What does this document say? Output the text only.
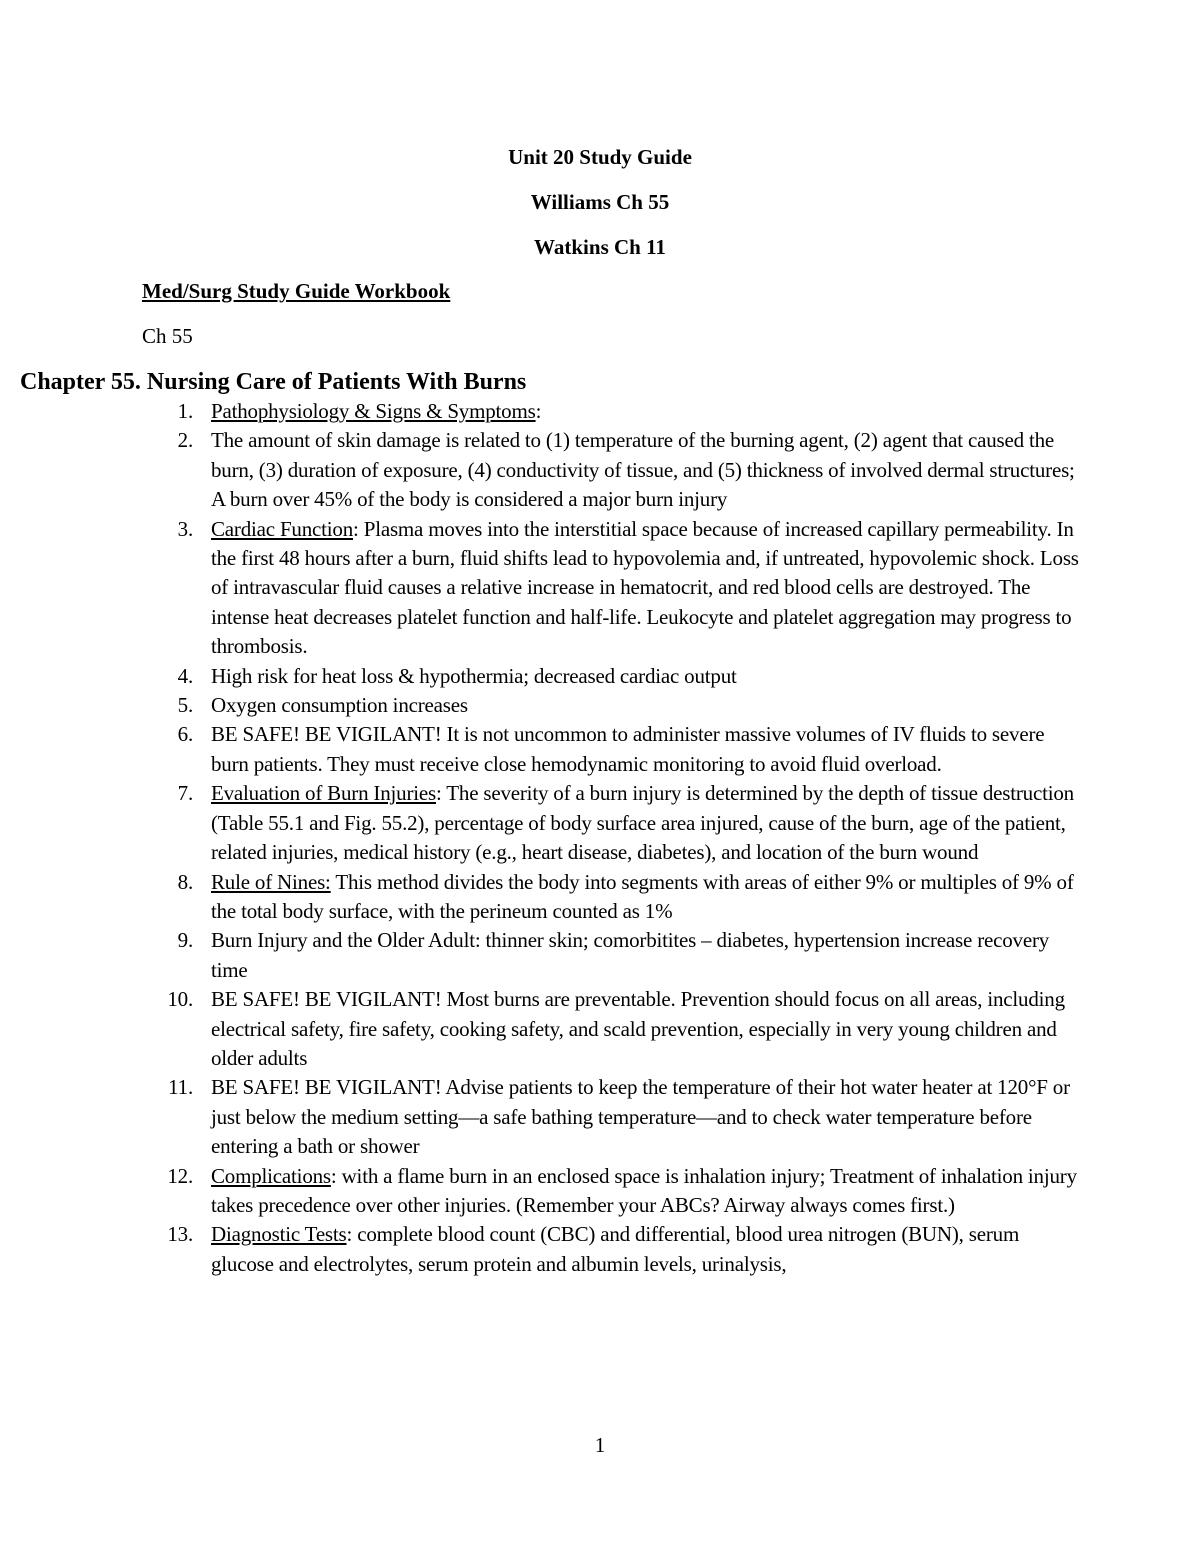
Unit 20 Study Guide
Williams Ch 55
Watkins Ch 11
Med/Surg Study Guide Workbook
Ch 55
Chapter 55. Nursing Care of Patients With Burns
1. Pathophysiology & Signs & Symptoms:
2. The amount of skin damage is related to (1) temperature of the burning agent, (2) agent that caused the burn, (3) duration of exposure, (4) conductivity of tissue, and (5) thickness of involved dermal structures; A burn over 45% of the body is considered a major burn injury
3. Cardiac Function: Plasma moves into the interstitial space because of increased capillary permeability. In the first 48 hours after a burn, fluid shifts lead to hypovolemia and, if untreated, hypovolemic shock. Loss of intravascular fluid causes a relative increase in hematocrit, and red blood cells are destroyed. The intense heat decreases platelet function and half-life. Leukocyte and platelet aggregation may progress to thrombosis.
4. High risk for heat loss & hypothermia; decreased cardiac output
5. Oxygen consumption increases
6. BE SAFE! BE VIGILANT! It is not uncommon to administer massive volumes of IV fluids to severe burn patients. They must receive close hemodynamic monitoring to avoid fluid overload.
7. Evaluation of Burn Injuries: The severity of a burn injury is determined by the depth of tissue destruction (Table 55.1 and Fig. 55.2), percentage of body surface area injured, cause of the burn, age of the patient, related injuries, medical history (e.g., heart disease, diabetes), and location of the burn wound
8. Rule of Nines: This method divides the body into segments with areas of either 9% or multiples of 9% of the total body surface, with the perineum counted as 1%
9. Burn Injury and the Older Adult: thinner skin; comorbitites – diabetes, hypertension increase recovery time
10. BE SAFE! BE VIGILANT! Most burns are preventable. Prevention should focus on all areas, including electrical safety, fire safety, cooking safety, and scald prevention, especially in very young children and older adults
11. BE SAFE! BE VIGILANT! Advise patients to keep the temperature of their hot water heater at 120°F or just below the medium setting—a safe bathing temperature—and to check water temperature before entering a bath or shower
12. Complications: with a flame burn in an enclosed space is inhalation injury; Treatment of inhalation injury takes precedence over other injuries. (Remember your ABCs? Airway always comes first.)
13. Diagnostic Tests: complete blood count (CBC) and differential, blood urea nitrogen (BUN), serum glucose and electrolytes, serum protein and albumin levels, urinalysis,
1
